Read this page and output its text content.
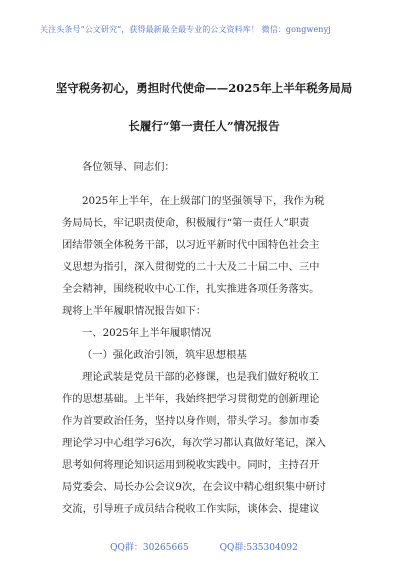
关注头条号“公文研究”，获得最新最全最专业的公文资料库！ 微信：gongwenyj
坚守税务初心，勇担时代使命——2025年上半年税务局局
长履行“第一责任人”情况报告
各位领导、同志们：
2025年上半年，在上级部门的坚强领导下，我作为税
务局局长，牢记职责使命，积极履行“第一责任人”职责
团结带领全体税务干部，以习近平新时代中国特色社会主
义思想为指引，深入贯彻党的二十大及二十届二中、三中
全会精神，围绕税收中心工作，扎实推进各项任务落实。
现将上半年履职情况报告如下：
一、2025年上半年履职情况
（一）强化政治引领，筑牢思想根基
理论武装是党员干部的必修课，也是我们做好税收工
作的思想基础。上半年，我始终把学习贯彻党的创新理论
作为首要政治任务，坚持以身作则，带头学习。参加市委
理论学习中心组学习6次，每次学习都认真做好笔记，深入
思考如何将理论知识运用到税收实践中。同时，主持召开
局党委会、局长办公会议9次，在会议中精心组织集中研讨
交流，引导班子成员结合税收工作实际，谈体会、提建议
QQ群：30265665	QQ群:535304092
